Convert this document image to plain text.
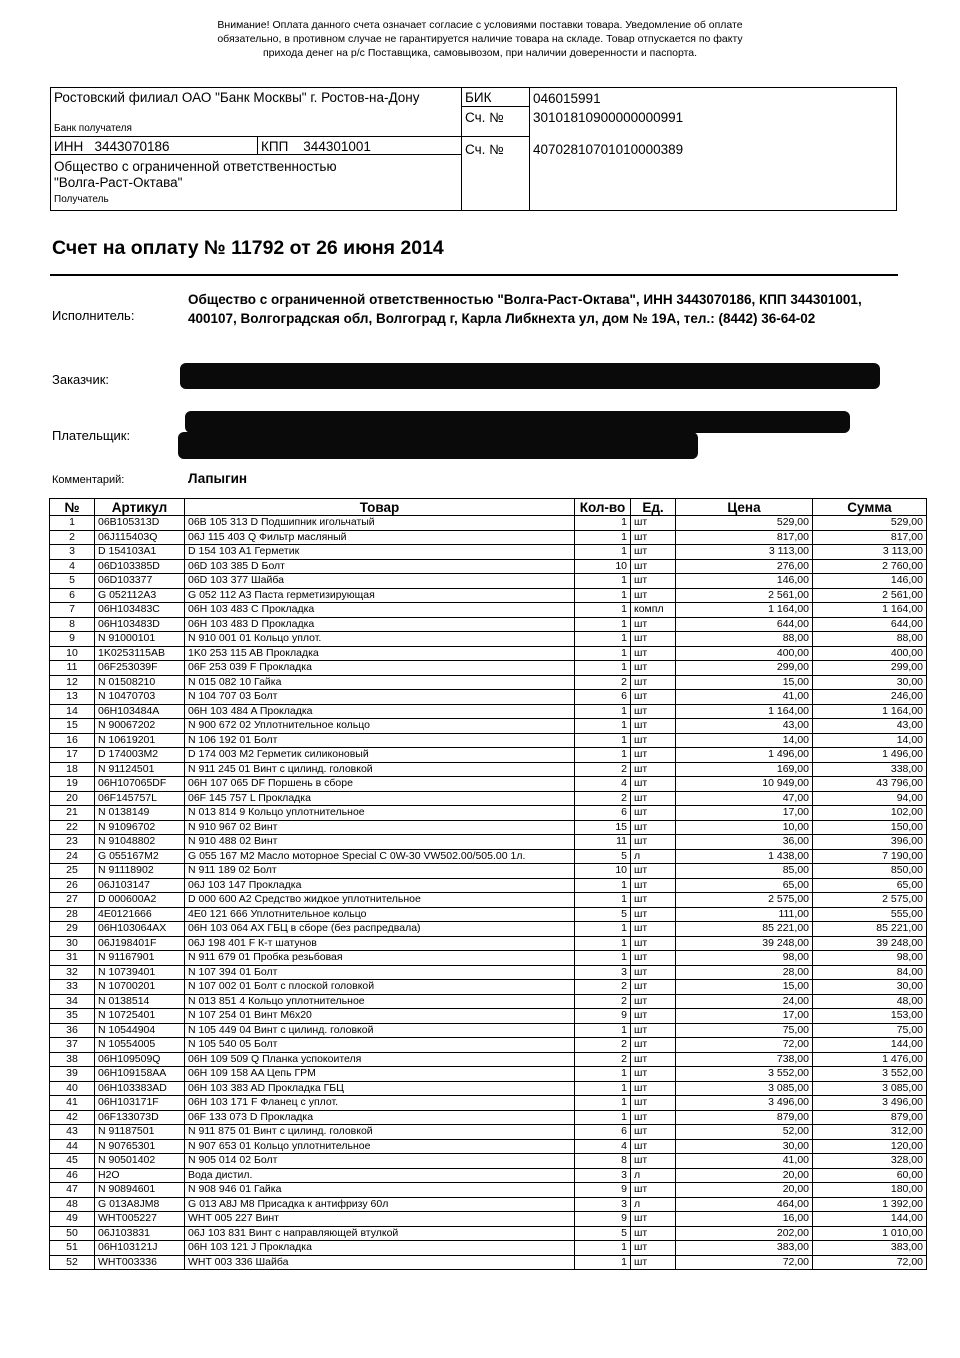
Внимание! Оплата данного счета означает согласие с условиями поставки товара. Уведомление об оплате
обязательно, в противном случае не гарантируется наличие товара на складе. Товар отпускается по факту
прихода денег на р/с Поставщика, самовывозом, при наличии доверенности и паспорта.
Ростовский филиал ОАО "Банк Москвы" г. Ростов-на-Дону
Банк получателя
БИК	046015991
Сч. № 30101810900000000991
ИНН 3443070186	КПП 344301001	Сч. № 40702810701010000389
Общество с ограниченной ответственностью
"Волга-Раст-Октава"
Получатель
Счет на оплату № 11792 от 26 июня 2014
Исполнитель:
Общество с ограниченной ответственностью "Волга-Раст-Октава", ИНН 3443070186, КПП 344301001, 400107, Волгоградская обл, Волгоград г, Карла Либкнехта ул, дом № 19А, тел.: (8442) 36-64-02
Заказчик:
Плательщик:
Комментарий:	Лапыгин
№	Артикул	Товар	Кол-во	Ед.	Цена	Сумма
1	06B105313D	06B 105 313 D Подшипник игольчатый	1	шт	529,00	529,00
2	06J115403Q	06J 115 403 Q Фильтр масляный	1	шт	817,00	817,00
3	D 154103A1	D 154 103 A1 Герметик	1	шт	3 113,00	3 113,00
4	06D103385D	06D 103 385 D Болт	10	шт	276,00	2 760,00
5	06D103377	06D 103 377 Шайба	1	шт	146,00	146,00
6	G 052112A3	G 052 112 A3 Паста герметизирующая	1	шт	2 561,00	2 561,00
7	06H103483C	06H 103 483 C Прокладка	1	компл	1 164,00	1 164,00
8	06H103483D	06H 103 483 D Прокладка	1	шт	644,00	644,00
9	N 91000101	N 910 001 01 Кольцо уплот.	1	шт	88,00	88,00
10	1K0253115AB	1K0 253 115 AB Прокладка	1	шт	400,00	400,00
11	06F253039F	06F 253 039 F Прокладка	1	шт	299,00	299,00
12	N 01508210	N 015 082 10 Гайка	2	шт	15,00	30,00
13	N 10470703	N 104 707 03 Болт	6	шт	41,00	246,00
14	06H103484A	06H 103 484 A Прокладка	1	шт	1 164,00	1 164,00
15	N 90067202	N 900 672 02 Уплотнительное кольцо	1	шт	43,00	43,00
16	N 10619201	N 106 192 01 Болт	1	шт	14,00	14,00
17	D 174003M2	D 174 003 M2 Герметик силиконовый	1	шт	1 496,00	1 496,00
18	N 91124501	N 911 245 01 Винт с цилинд. головкой	2	шт	169,00	338,00
19	06H107065DF	06H 107 065 DF Поршень в сборе	4	шт	10 949,00	43 796,00
20	06F145757L	06F 145 757 L Прокладка	2	шт	47,00	94,00
21	N 0138149	N 013 814 9 Кольцо уплотнительное	6	шт	17,00	102,00
22	N 91096702	N 910 967 02 Винт	15	шт	10,00	150,00
23	N 91048802	N 910 488 02 Винт	11	шт	36,00	396,00
24	G 055167M2	G 055 167 M2 Масло моторное Special C 0W-30 VW502.00/505.00 1л.	5	л	1 438,00	7 190,00
25	N 91118902	N 911 189 02 Болт	10	шт	85,00	850,00
26	06J103147	06J 103 147 Прокладка	1	шт	65,00	65,00
27	D 000600A2	D 000 600 A2 Средство жидкое уплотнительное	1	шт	2 575,00	2 575,00
28	4E0121666	4E0 121 666 Уплотнительное кольцо	5	шт	111,00	555,00
29	06H103064AX	06H 103 064 AX ГБЦ в сборе (без распредвала)	1	шт	85 221,00	85 221,00
30	06J198401F	06J 198 401 F К-т шатунов	1	шт	39 248,00	39 248,00
31	N 91167901	N 911 679 01 Пробка резьбовая	1	шт	98,00	98,00
32	N 10739401	N 107 394 01 Болт	3	шт	28,00	84,00
33	N 10700201	N 107 002 01 Болт с плоской головкой	2	шт	15,00	30,00
34	N 0138514	N 013 851 4 Кольцо уплотнительное	2	шт	24,00	48,00
35	N 10725401	N 107 254 01 Винт M6x20	9	шт	17,00	153,00
36	N 10544904	N 105 449 04 Винт с цилинд. головкой	1	шт	75,00	75,00
37	N 10554005	N 105 540 05 Болт	2	шт	72,00	144,00
38	06H109509Q	06H 109 509 Q Планка успокоителя	2	шт	738,00	1 476,00
39	06H109158AA	06H 109 158 AA Цепь ГРМ	1	шт	3 552,00	3 552,00
40	06H103383AD	06H 103 383 AD Прокладка ГБЦ	1	шт	3 085,00	3 085,00
41	06H103171F	06H 103 171 F Фланец с уплот.	1	шт	3 496,00	3 496,00
42	06F133073D	06F 133 073 D Прокладка	1	шт	879,00	879,00
43	N 91187501	N 911 875 01 Винт с цилинд. головкой	6	шт	52,00	312,00
44	N 90765301	N 907 653 01 Кольцо уплотнительное	4	шт	30,00	120,00
45	N 90501402	N 905 014 02 Болт	8	шт	41,00	328,00
46	H2O	Вода дистил.	3	л	20,00	60,00
47	N 90894601	N 908 946 01 Гайка	9	шт	20,00	180,00
48	G 013A8JM8	G 013 A8J M8 Присадка к антифризу 60л	3	л	464,00	1 392,00
49	WHT005227	WHT 005 227 Винт	9	шт	16,00	144,00
50	06J103831	06J 103 831 Винт с направляющей втулкой	5	шт	202,00	1 010,00
51	06H103121J	06H 103 121 J Прокладка	1	шт	383,00	383,00
52	WHT003336	WHT 003 336 Шайба	1	шт	72,00	72,00
